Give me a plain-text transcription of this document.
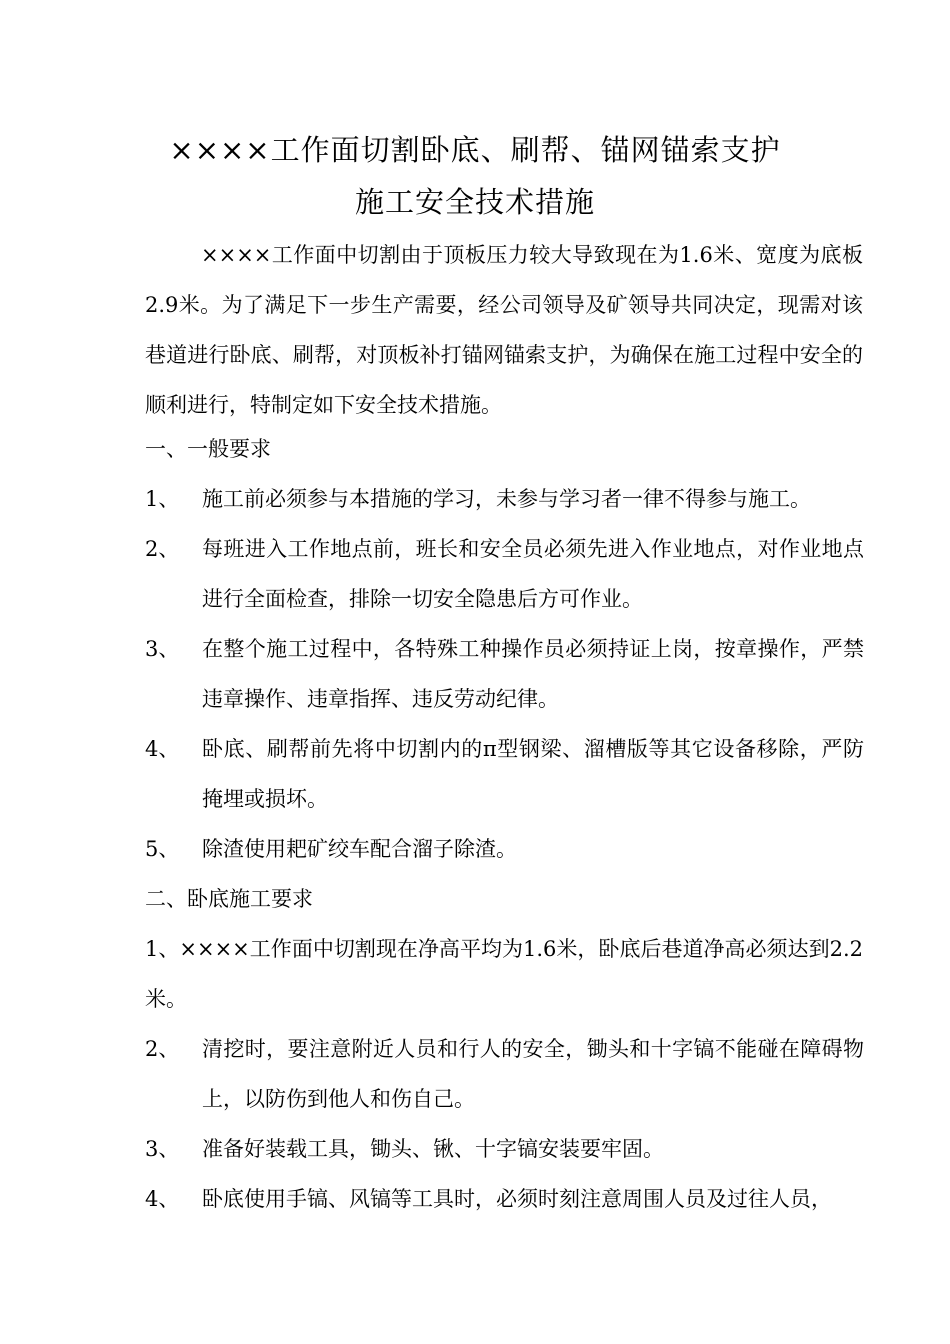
××××工作面切割卧底、刷帮、锚网锚索支护
施工安全技术措施
××××工作面中切割由于顶板压力较大导致现在为1.6米、宽度为底板2.9米。为了满足下一步生产需要，经公司领导及矿领导共同决定，现需对该巷道进行卧底、刷帮，对顶板补打锚网锚索支护，为确保在施工过程中安全的顺利进行，特制定如下安全技术措施。
一、一般要求
1、 施工前必须参与本措施的学习，未参与学习者一律不得参与施工。
2、 每班进入工作地点前，班长和安全员必须先进入作业地点，对作业地点进行全面检查，排除一切安全隐患后方可作业。
3、 在整个施工过程中，各特殊工种操作员必须持证上岗，按章操作，严禁违章操作、违章指挥、违反劳动纪律。
4、 卧底、刷帮前先将中切割内的π型钢梁、溜槽版等其它设备移除，严防掩埋或损坏。
5、 除渣使用耙矿绞车配合溜子除渣。
二、卧底施工要求
1、××××工作面中切割现在净高平均为1.6米，卧底后巷道净高必须达到2.2米。
2、 清挖时，要注意附近人员和行人的安全，锄头和十字镐不能碰在障碍物上，以防伤到他人和伤自己。
3、 准备好装载工具，锄头、锹、十字镐安装要牢固。
4、 卧底使用手镐、风镐等工具时，必须时刻注意周围人员及过往人员，
